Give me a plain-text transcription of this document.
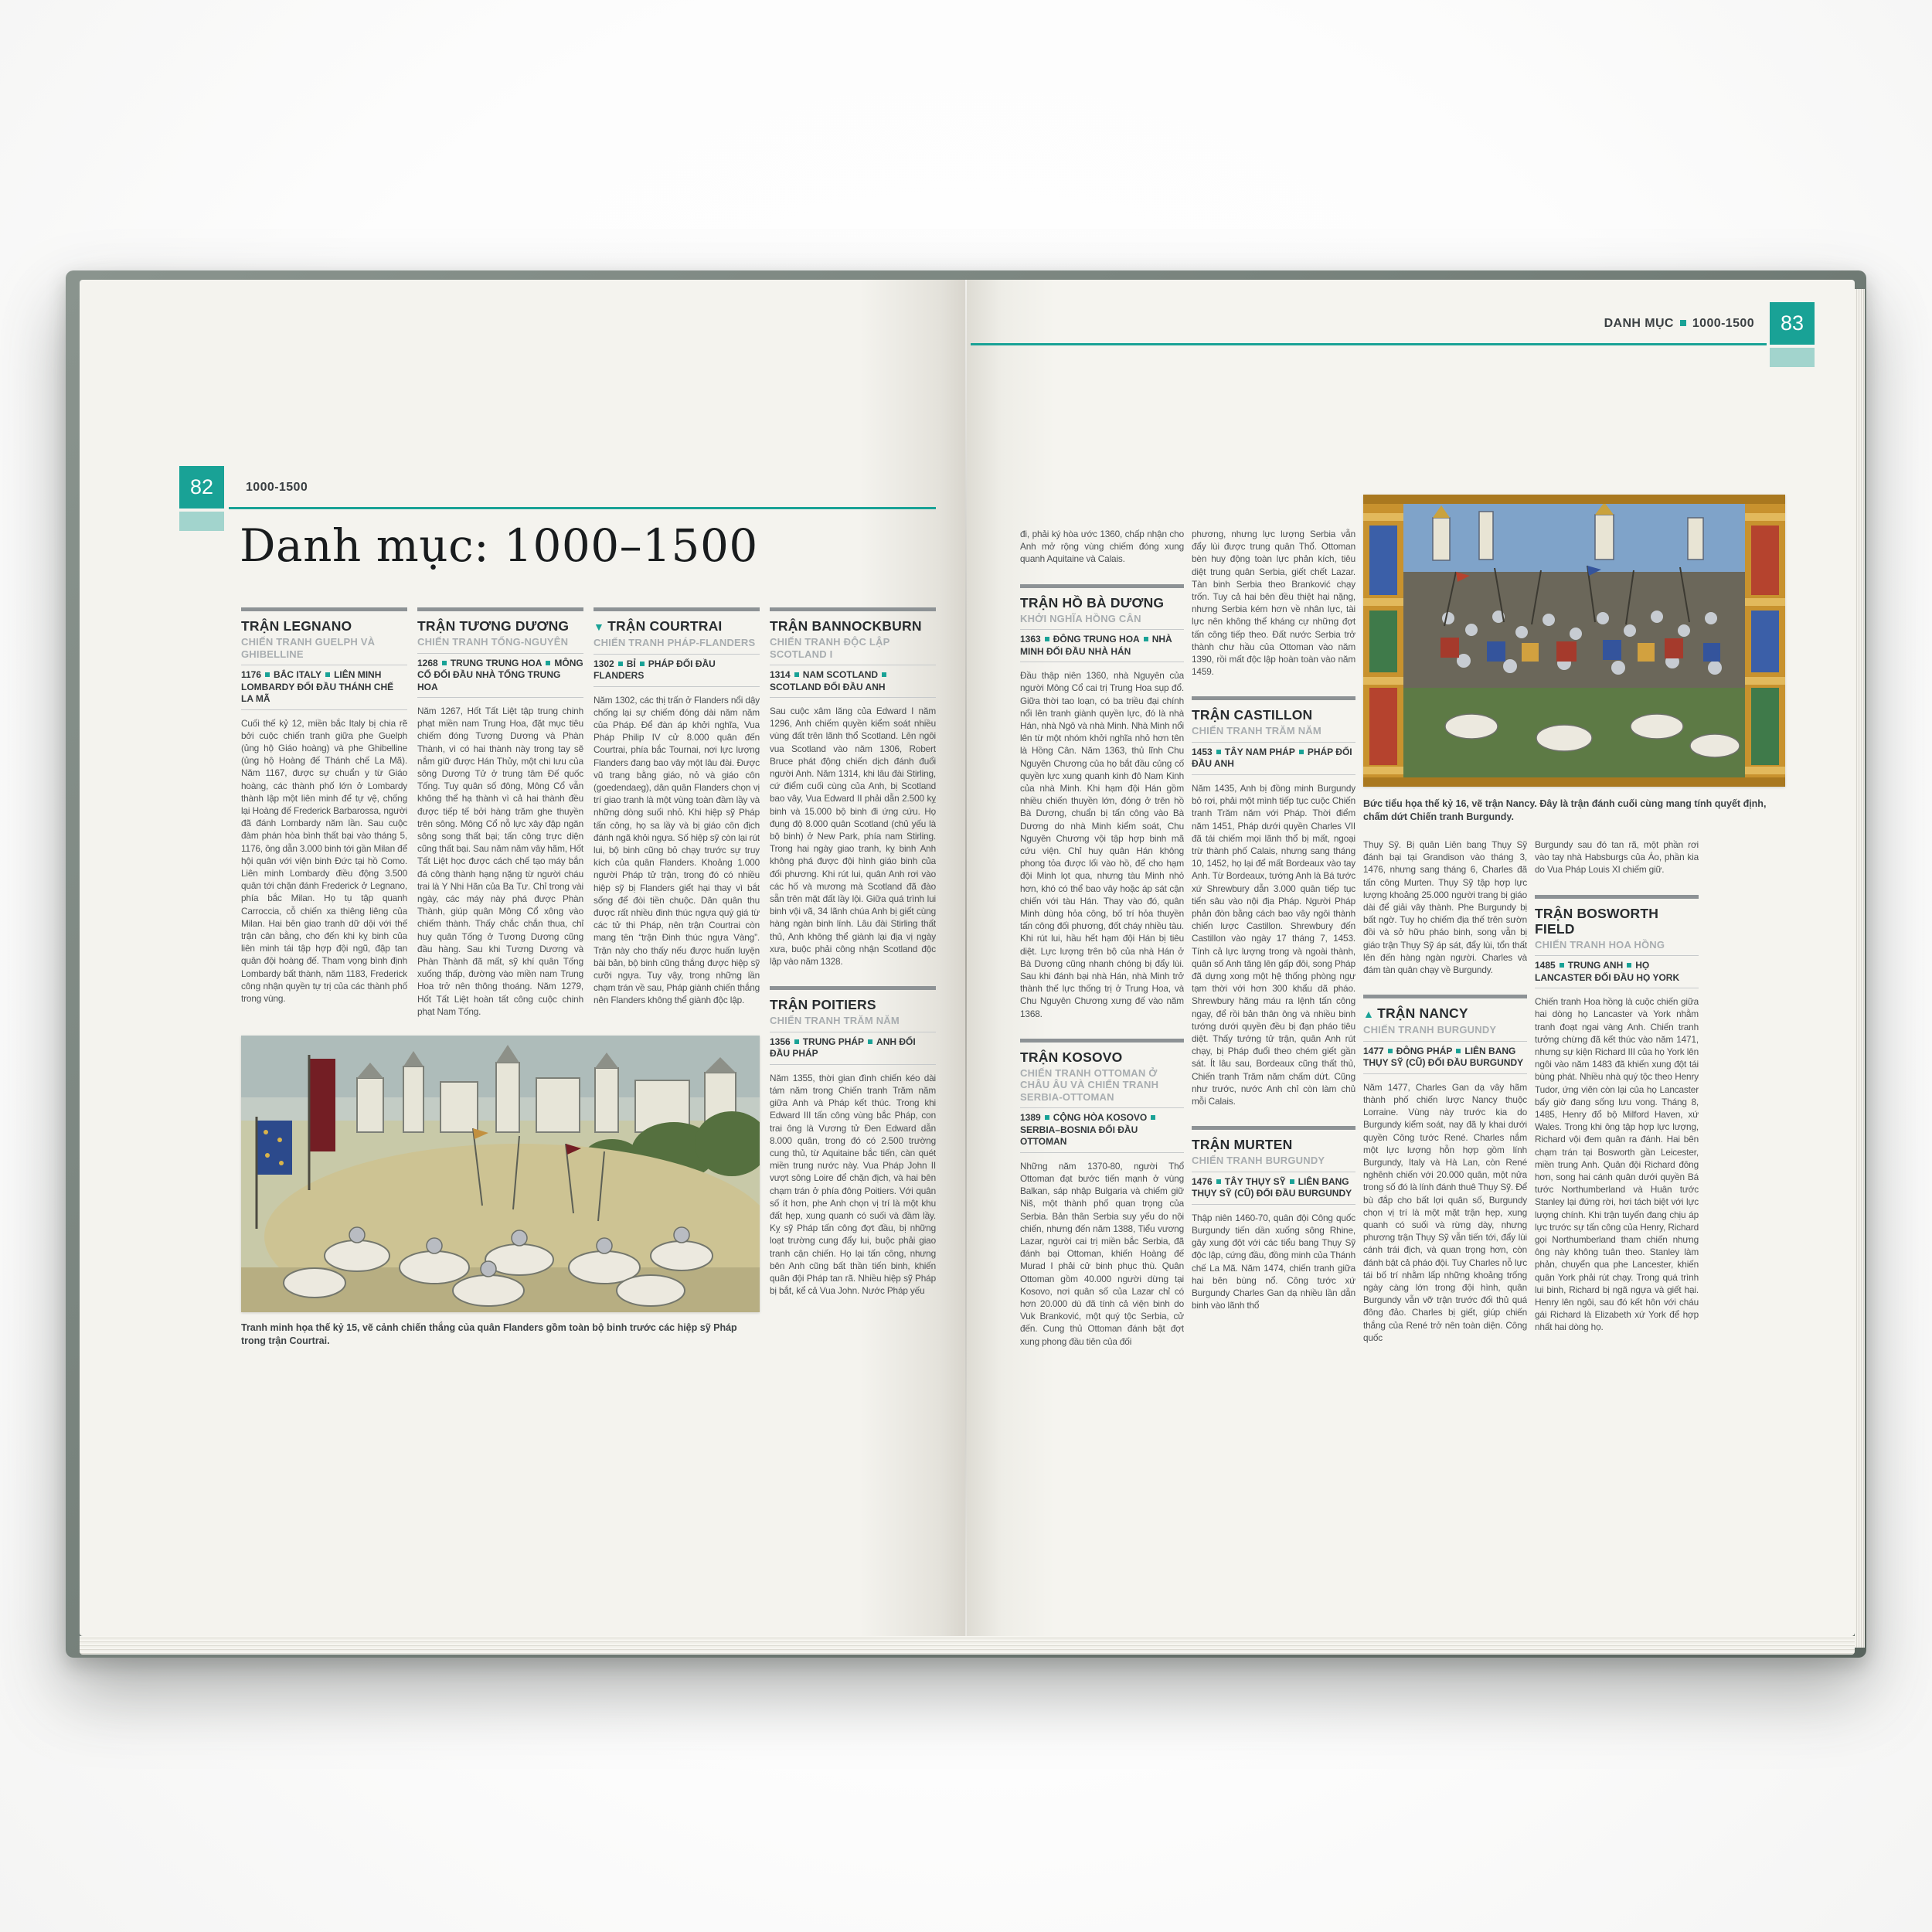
82	1000-1500
Danh mục: 1000–1500
TRẬN LEGNANO
CHIẾN TRANH GUELPH VÀ GHIBELLINE
1176 BẮC ITALY LIÊN MINH LOMBARDY ĐỐI ĐẦU THÁNH CHẾ LA MÃ

Cuối thế kỷ 12, miền bắc Italy bị chia rẽ bởi cuộc chiến tranh giữa phe Guelph (ủng hộ Giáo hoàng) và phe Ghibelline (ủng hộ Hoàng đế Thánh chế La Mã). Năm 1167, được sự chuẩn y từ Giáo hoàng, các thành phố lớn ở Lombardy thành lập một liên minh để tự vệ, chống lại Hoàng đế Frederick Barbarossa, người đã đánh Lombardy năm lần. Sau cuộc đàm phán hòa bình thất bại vào tháng 5, 1176, ông dẫn 3.000 binh tới gần Milan để hội quân với viện binh Đức tại hồ Como. Liên minh Lombardy điều động 3.500 quân tới chặn đánh Frederick ở Legnano, phía bắc Milan. Họ tụ tập quanh Carroccia, cỗ chiến xa thiêng liêng của Milan. Hai bên giao tranh dữ dội với thế trận cân bằng, cho đến khi kỵ binh của liên minh tái tập hợp đội ngũ, đập tan quân đội hoàng đế. Tham vọng bình định Lombardy bất thành, năm 1183, Frederick công nhận quyền tự trị của các thành phố trong vùng.

TRẬN TƯƠNG DƯƠNG
CHIẾN TRANH TỐNG-NGUYÊN
1268 TRUNG TRUNG HOA MÔNG CỔ ĐỐI ĐẦU NHÀ TỐNG TRUNG HOA

Năm 1267, Hốt Tất Liệt tập trung chinh phạt miền nam Trung Hoa, đặt mục tiêu chiếm đóng Tương Dương và Phàn Thành, vì có hai thành này trong tay sẽ nắm giữ được Hán Thủy, một chi lưu của sông Dương Tử ở trung tâm Đế quốc Tống. Tuy quân số đông, Mông Cổ vẫn không thể hạ thành vì cả hai thành đều được tiếp tế bởi hàng trăm ghe thuyền trên sông. Mông Cổ nỗ lực xây đập ngăn sông song thất bại; tấn công trực diện cũng thất bại. Sau năm năm vây hãm, Hốt Tất Liệt học được cách chế tạo máy bắn đá công thành hạng nặng từ người cháu trai là Y Nhi Hãn của Ba Tư. Chỉ trong vài ngày, các máy này phá được Phàn Thành, giúp quân Mông Cổ xông vào chiếm thành. Thấy chắc chắn thua, chỉ huy quân Tống ở Tương Dương cũng đầu hàng. Sau khi Tương Dương và Phàn Thành đã mất, sỹ khí quân Tống xuống thấp, đường vào miền nam Trung Hoa trở nên thông thoáng. Năm 1279, Hốt Tất Liệt hoàn tất công cuộc chinh phạt Nam Tống.

▼ TRẬN COURTRAI
CHIẾN TRANH PHÁP-FLANDERS
1302 BỈ PHÁP ĐỐI ĐẦU FLANDERS

Năm 1302, các thị trấn ở Flanders nổi dậy chống lại sự chiếm đóng dài năm năm của Pháp. Để đàn áp khởi nghĩa, Vua Pháp Philip IV cử 8.000 quân đến Courtrai, phía bắc Tournai, nơi lực lượng Flanders đang bao vây một lâu đài. Được vũ trang bằng giáo, nỏ và giáo côn (goedendaeg), dân quân Flanders chọn vị trí giao tranh là một vùng toàn đầm lầy và những dòng suối nhỏ. Khi hiệp sỹ Pháp tấn công, họ sa lầy và bị giáo côn địch đánh ngã khỏi ngựa. Số hiệp sỹ còn lại rút lui, bộ binh cũng bỏ chạy trước sự truy kích của quân Flanders. Khoảng 1.000 người Pháp tử trận, trong đó có nhiều hiệp sỹ bị Flanders giết hại thay vì bắt sống để đòi tiền chuộc. Dân quân thu được rất nhiều đinh thúc ngựa quý giá từ các tử thi Pháp, nên trận Courtrai còn mang tên “trận Đinh thúc ngựa Vàng”. Trận này cho thấy nếu được huấn luyện bài bản, bộ binh cũng thắng được hiệp sỹ cưỡi ngựa. Tuy vậy, trong những lần chạm trán về sau, Pháp giành chiến thắng nên Flanders không thể giành độc lập.

TRẬN BANNOCKBURN
CHIẾN TRANH ĐỘC LẬP SCOTLAND I
1314 NAM SCOTLANDSCOTLAND ĐỐI ĐẦU ANH

Sau cuộc xâm lăng của Edward I năm 1296, Anh chiếm quyền kiểm soát nhiều vùng đất trên lãnh thổ Scotland. Lên ngôi vua Scotland vào năm 1306, Robert Bruce phát động chiến dịch đánh đuổi người Anh. Năm 1314, khi lâu đài Stirling, cứ điểm cuối cùng của Anh, bị Scotland bao vây, Vua Edward II phải dẫn 2.500 kỵ binh và 15.000 bộ binh đi ứng cứu. Họ đụng độ 8.000 quân Scotland (chủ yếu là bộ binh) ở New Park, phía nam Stirling. Trong hai ngày giao tranh, kỵ binh Anh không phá được đội hình giáo binh của đối phương. Khi rút lui, quân Anh rơi vào các hố và mương mà Scotland đã đào sẵn trên mặt đất lầy lội. Giữa quá trình lui binh vội vã, 34 lãnh chúa Anh bị giết cùng hàng ngàn binh lính. Lâu đài Stirling thất thủ, Anh không thể giành lại địa vị ngày xưa, buộc phải công nhận Scotland độc lập vào năm 1328.

TRẬN POITIERS
CHIẾN TRANH TRĂM NĂM
1356 TRUNG PHÁP ANH ĐỐI ĐẦU PHÁP

Năm 1355, thời gian đình chiến kéo dài tám năm trong Chiến tranh Trăm năm giữa Anh và Pháp kết thúc. Trong khi Edward III tấn công vùng bắc Pháp, con trai ông là Vương tử Đen Edward dẫn 8.000 quân, trong đó có 2.500 trường cung thủ, từ Aquitaine bắc tiến, càn quét miền trung nước này. Vua Pháp John II vượt sông Loire để chặn địch, và hai bên chạm trán ở phía đông Poitiers. Với quân số ít hơn, phe Anh chọn vị trí là một khu đất hẹp, xung quanh có suối và đầm lầy. Kỵ sỹ Pháp tấn công đợt đầu, bị những loạt trường cung đẩy lui, buộc phải giao tranh cận chiến. Họ lại tấn công, nhưng bên Anh cũng bất thần tiến binh, khiến quân đội Pháp tan rã. Nhiều hiệp sỹ Pháp bị bắt, kể cả Vua John. Nước Pháp yếu

Tranh minh họa thế kỷ 15, vẽ cảnh chiến thắng của quân Flanders gồm toàn bộ binh trước các hiệp sỹ Pháp trong trận Courtrai.
83
DANH MỤC 1000-1500

đi, phải ký hòa ước 1360, chấp nhận cho Anh mở rộng vùng chiếm đóng xung quanh Aquitaine và Calais.

TRẬN HỒ BÀ DƯƠNG
KHỞI NGHĨA HỒNG CÂN
1363 ĐÔNG TRUNG HOA NHÀ MINH ĐỐI ĐẦU NHÀ HÁN

Đầu thập niên 1360, nhà Nguyên của người Mông Cổ cai trị Trung Hoa sụp đổ. Giữa thời tao loạn, có ba triều đại chính nổi lên tranh giành quyền lực, đó là nhà Hán, nhà Ngô và nhà Minh. Nhà Minh nổi lên từ một nhóm khởi nghĩa nhỏ hơn tên là Hồng Cân. Năm 1363, thủ lĩnh Chu Nguyên Chương của họ bắt đầu củng cố quyền lực xung quanh kinh đô Nam Kinh của nhà Minh. Khi hạm đội Hán gồm nhiều chiến thuyền lớn, đóng ở trên hồ Bà Dương, chuẩn bị tấn công vào Bà Dương do nhà Minh kiểm soát, Chu Nguyên Chương vội tập hợp binh mã cứu viện. Chỉ huy quân Hán không phong tỏa được lối vào hồ, để cho hạm đội Minh lọt qua, nhưng tàu Minh nhỏ hơn, khó có thể bao vây hoặc áp sát cận chiến với tàu Hán. Thay vào đó, quân Minh dùng hỏa công, bố trí hỏa thuyền tấn công đối phương, đốt cháy nhiều tàu. Khi rút lui, hầu hết hạm đội Hán bị tiêu diệt. Lực lượng trên bộ của nhà Hán ở Bà Dương cũng nhanh chóng bị đẩy lùi. Sau khi đánh bại nhà Hán, nhà Minh trở thành thế lực thống trị ở Trung Hoa, và Chu Nguyên Chương xưng đế vào năm 1368.

TRẬN KOSOVO
CHIẾN TRANH OTTOMAN Ở CHÂU ÂU VÀ CHIẾN TRANH SERBIA-OTTOMAN
1389 CỘNG HÒA KOSOVOSERBIA–BOSNIA ĐỐI ĐẦU OTTOMAN

Những năm 1370-80, người Thổ Ottoman đạt bước tiến mạnh ở vùng Balkan, sáp nhập Bulgaria và chiếm giữ Niš, một thành phố quan trọng của Serbia. Bản thân Serbia suy yếu do nội chiến, nhưng đến năm 1388, Tiểu vương Lazar, người cai trị miền bắc Serbia, đã đánh bại Ottoman, khiến Hoàng đế Murad I phải cử binh phục thù. Quân Ottoman gồm 40.000 người dừng tại Kosovo, nơi quân số của Lazar chỉ có hơn 20.000 dù đã tính cả viện binh do Vuk Branković, một quý tộc Serbia, cử đến. Cung thủ Ottoman đánh bật đợt xung phong đầu tiên của đối

phương, nhưng lực lượng Serbia vẫn đẩy lùi được trung quân Thổ. Ottoman bèn huy động toàn lực phản kích, tiêu diệt trung quân Serbia, giết chết Lazar. Tàn binh Serbia theo Branković chạy trốn. Tuy cả hai bên đều thiệt hại nặng, nhưng Serbia kém hơn về nhân lực, tài lực nên không thể kháng cự những đợt tấn công tiếp theo. Đất nước Serbia trở thành chư hầu của Ottoman vào năm 1390, rồi mất độc lập hoàn toàn vào năm 1459.

TRẬN CASTILLON
CHIẾN TRANH TRĂM NĂM
1453 TÂY NAM PHÁP PHÁP ĐỐI ĐẦU ANH

Năm 1435, Anh bị đồng minh Burgundy bỏ rơi, phải một mình tiếp tục cuộc Chiến tranh Trăm năm với Pháp. Thời điểm năm 1451, Pháp dưới quyền Charles VII đã tái chiếm mọi lãnh thổ bị mất, ngoại trừ thành phố Calais, nhưng sang tháng 10, 1452, họ lại để mất Bordeaux vào tay Anh. Từ Bordeaux, tướng Anh là Bá tước xứ Shrewbury dẫn 3.000 quân tiếp tục tiến sâu vào nội địa Pháp. Người Pháp phản đòn bằng cách bao vây ngôi thành chiến lược Castillon. Shrewbury đến Castillon vào ngày 17 tháng 7, 1453. Tính cả lực lượng trong và ngoài thành, quân số Anh tăng lên gấp đôi, song Pháp đã dựng xong một hệ thống phòng ngự tạm thời với hơn 300 khẩu dã pháo. Shrewbury hăng máu ra lệnh tấn công ngay, để rồi bản thân ông và nhiều binh tướng dưới quyền đều bị đạn pháo tiêu diệt. Thấy tướng tử trận, quân Anh rút chạy, bị Pháp đuổi theo chém giết gần sát. Ít lâu sau, Bordeaux cũng thất thủ, Chiến tranh Trăm năm chấm dứt. Cũng như trước, nước Anh chỉ còn làm chủ mỗi Calais.

TRẬN MURTEN
CHIẾN TRANH BURGUNDY
1476 TÂY THỤY SỸ LIÊN BANG THỤY SỸ (CŨ) ĐỐI ĐẦU BURGUNDY

Thập niên 1460-70, quân đội Công quốc Burgundy tiến dần xuống sông Rhine, gây xung đột với các tiểu bang Thụy Sỹ độc lập, cứng đầu, đồng minh của Thánh chế La Mã. Năm 1474, chiến tranh giữa hai bên bùng nổ. Công tước xứ Burgundy Charles Gan dạ nhiều lần dẫn binh vào lãnh thổ

Thụy Sỹ. Bị quân Liên bang Thụy Sỹ đánh bại tại Grandison vào tháng 3, 1476, nhưng sang tháng 6, Charles đã tấn công Murten. Thụy Sỹ tập hợp lực lượng khoảng 25.000 người trang bị giáo dài để giải vây thành. Phe Burgundy bị bất ngờ. Tuy họ chiếm địa thế trên sườn đồi và sở hữu pháo binh, song vẫn bị giáo trận Thụy Sỹ áp sát, đẩy lùi, tổn thất lên đến hàng ngàn người. Charles và đám tàn quân chạy về Burgundy.

▲ TRẬN NANCY
CHIẾN TRANH BURGUNDY
1477 ĐÔNG PHÁP LIÊN BANG THỤY SỸ (CŨ) ĐỐI ĐẦU BURGUNDY

Năm 1477, Charles Gan dạ vây hãm thành phố chiến lược Nancy thuộc Lorraine. Vùng này trước kia do Burgundy kiểm soát, nay đã ly khai dưới quyền Công tước René. Charles nắm một lực lượng hỗn hợp gồm lính Burgundy, Italy và Hà Lan, còn René nghênh chiến với 20.000 quân, một nửa trong số đó là lính đánh thuê Thụy Sỹ. Để bù đắp cho bất lợi quân số, Burgundy chọn vị trí là một mặt trận hẹp, xung quanh có suối và rừng dày, nhưng phương trận Thụy Sỹ vẫn tiến tới, đẩy lùi cánh trái địch, và quan trọng hơn, còn đánh bật cả pháo đội. Tuy Charles nỗ lực tái bố trí nhằm lấp những khoảng trống ngày càng lớn trong đội hình, quân Burgundy vẫn vỡ trận trước đối thủ quá đông đảo. Charles bị giết, giúp chiến thắng của René trở nên toàn diện. Công quốc

Burgundy sau đó tan rã, một phần rơi vào tay nhà Habsburgs của Áo, phần kia do Vua Pháp Louis XI chiếm giữ.

TRẬN BOSWORTH FIELD
CHIẾN TRANH HOA HỒNG
1485 TRUNG ANH HỌ LANCASTER ĐỐI ĐẦU HỌ YORK

Chiến tranh Hoa hồng là cuộc chiến giữa hai dòng họ Lancaster và York nhằm tranh đoạt ngai vàng Anh. Chiến tranh tưởng chừng đã kết thúc vào năm 1471, nhưng sự kiện Richard III của họ York lên ngôi vào năm 1483 đã khiến xung đột tái bùng phát. Nhiều nhà quý tộc theo Henry Tudor, ứng viên còn lại của họ Lancaster bấy giờ đang sống lưu vong. Tháng 8, 1485, Henry đổ bộ Milford Haven, xứ Wales. Trong khi ông tập hợp lực lượng, Richard vội đem quân ra đánh. Hai bên chạm trán tại Bosworth gần Leicester, miền trung Anh. Quân đội Richard đông hơn, song hai cánh quân dưới quyền Bá tước Northumberland và Huân tước Stanley lại đứng rời, hơi tách biệt với lực lượng chính. Khi trận tuyến đang chịu áp lực trước sự tấn công của Henry, Richard gọi Northumberland tham chiến nhưng ông này không tuân theo. Stanley làm phản, chuyển qua phe Lancester, khiến quân York phải rút chạy. Trong quá trình lui binh, Richard bị ngã ngựa và giết hại. Henry lên ngôi, sau đó kết hôn với cháu gái Richard là Elizabeth xứ York để hợp nhất hai dòng họ.

Bức tiểu họa thế kỷ 16, vẽ trận Nancy. Đây là trận đánh cuối cùng mang tính quyết định, chấm dứt Chiến tranh Burgundy.
